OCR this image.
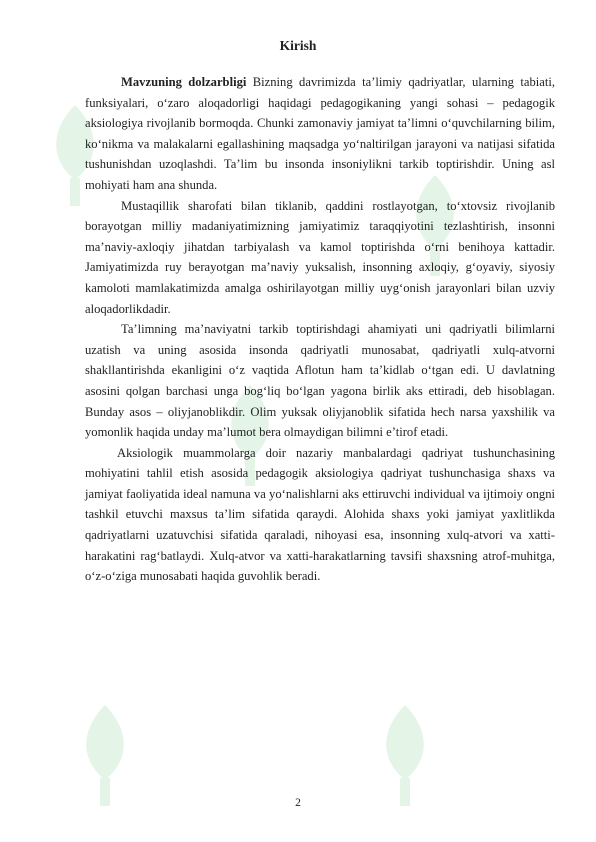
Kirish

Mavzuning dolzarbligi Bizning davrimizda ta’limiy qadriyatlar, ularning tabiati, funksiyalari, o‘zaro aloqadorligi haqidagi pedagogikaning yangi sohasi – pedagogik aksiologiya rivojlanib bormoqda. Chunki zamonaviy jamiyat ta’limni o‘quvchilarning bilim, ko‘nikma va malakalarni egallashining maqsadga yo‘naltirilgan jarayoni va natijasi sifatida tushunishdan uzoqlashdi. Ta’lim bu insonda insoniylikni tarkib toptirishdir. Uning asl mohiyati ham ana shunda.

Mustaqillik sharofati bilan tiklanib, qaddini rostlayotgan, to‘xtovsiz rivojlanib borayotgan milliy madaniyatimizning jamiyatimiz taraqqiyotini tezlashtirish, insonni ma’naviy-axloqiy jihatdan tarbiyalash va kamol toptirishda o‘rni benihoya kattadir. Jamiyatimizda ruy berayotgan ma’naviy yuksalish, insonning axloqiy, g‘oyaviy, siyosiy kamoloti mamlakatimizda amalga oshirilayotgan milliy uyg‘onish jarayonlari bilan uzviy aloqadorlikdadir.

Ta’limning ma’naviyatni tarkib toptirishdagi ahamiyati uni qadriyatli bilimlarni uzatish va uning asosida insonda qadriyatli munosabat, qadriyatli xulq-atvorni shakllantirishda ekanligini o‘z vaqtida Aflotun ham ta’kidlab o‘tgan edi. U davlatning asosini qolgan barchasi unga bog‘liq bo‘lgan yagona birlik aks ettiradi, deb hisoblagan. Bunday asos – oliyjanoblikdir. Olim yuksak oliyjanoblik sifatida hech narsa yaxshilik va yomonlik haqida unday ma’lumot bera olmaydigan bilimni e’tirof etadi.

Aksiologik muammolarga doir nazariy manbalardagi qadriyat tushunchasining mohiyatini tahlil etish asosida pedagogik aksiologiya qadriyat tushunchasiga shaxs va jamiyat faoliyatida ideal namuna va yo‘nalishlarni aks ettiruvchi individual va ijtimoiy ongni tashkil etuvchi maxsus ta’lim sifatida qaraydi. Alohida shaxs yoki jamiyat yaxlitlikda qadriyatlarni uzatuvchisi sifatida qaraladi, nihoyasi esa, insonning xulq-atvori va xatti-harakatini rag‘batlaydi. Xulq-atvor va xatti-harakatlarning tavsifi shaxsning atrof-muhitga, o‘z-o‘ziga munosabati haqida guvohlik beradi.

2
